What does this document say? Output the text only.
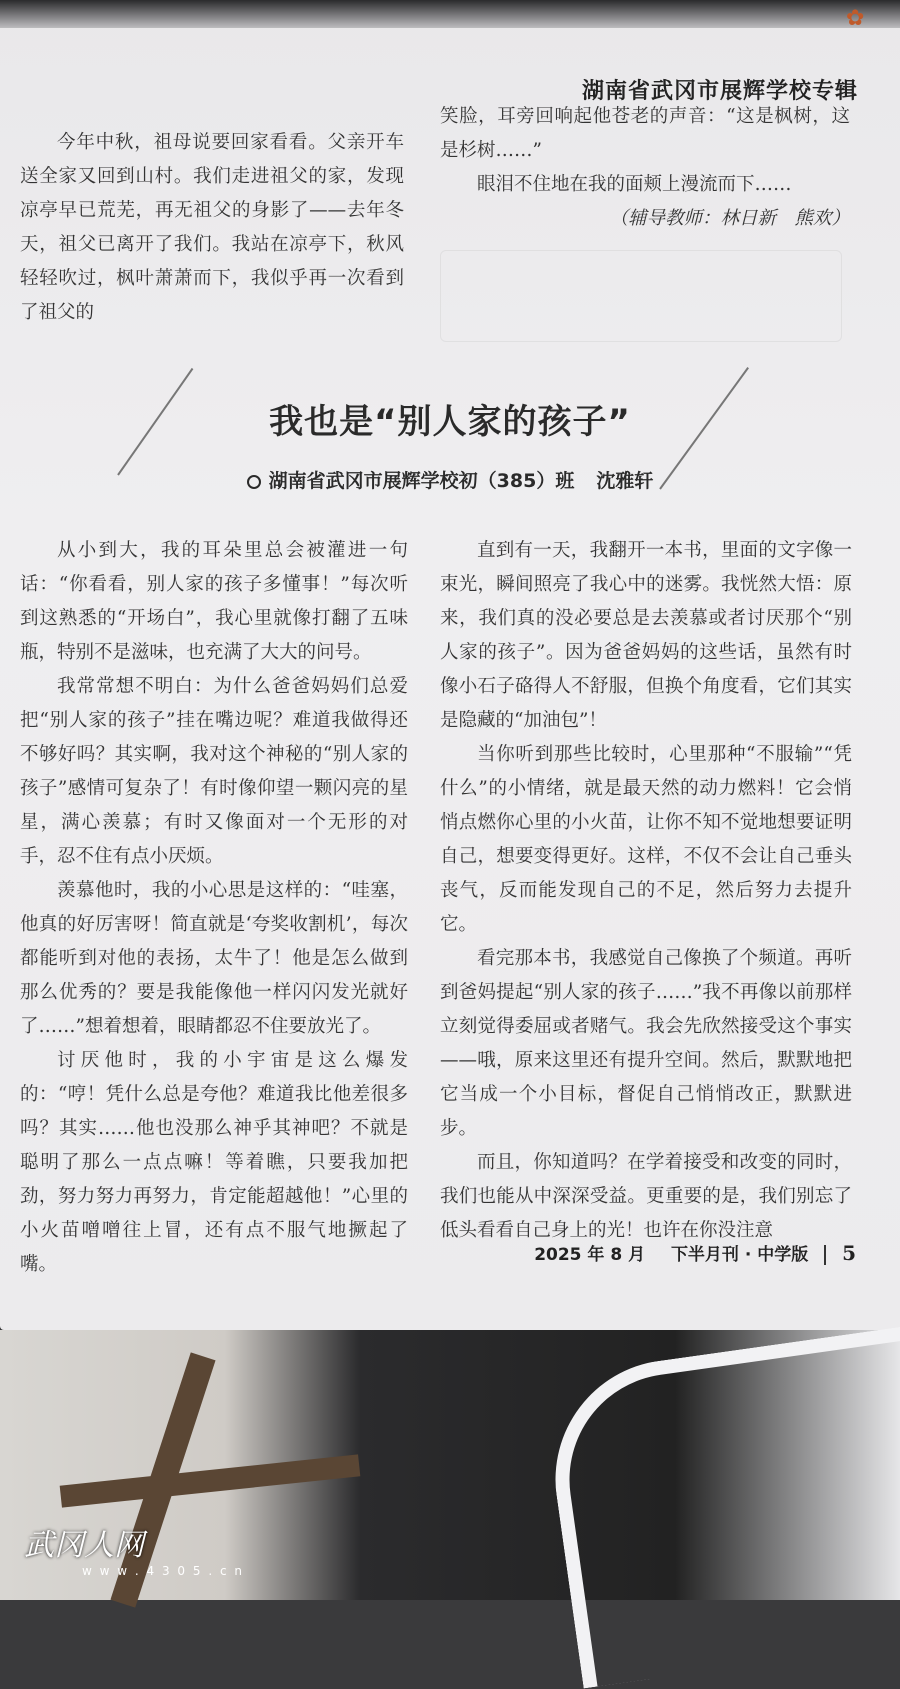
✿
湖南省武冈市展辉学校专辑

今年中秋，祖母说要回家看看。父亲开车送全家又回到山村。我们走进祖父的家，发现凉亭早已荒芜，再无祖父的身影了——去年冬天，祖父已离开了我们。我站在凉亭下，秋风轻轻吹过，枫叶萧萧而下，我似乎再一次看到了祖父的

笑脸，耳旁回响起他苍老的声音：“这是枫树，这是杉树……”

眼泪不住地在我的面颊上漫流而下……

（辅导教师：林日新　熊欢）

我也是“别人家的孩子”
湖南省武冈市展辉学校初（385）班 沈雅轩

从小到大，我的耳朵里总会被灌进一句话：“你看看，别人家的孩子多懂事！”每次听到这熟悉的“开场白”，我心里就像打翻了五味瓶，特别不是滋味，也充满了大大的问号。

我常常想不明白：为什么爸爸妈妈们总爱把“别人家的孩子”挂在嘴边呢？难道我做得还不够好吗？其实啊，我对这个神秘的“别人家的孩子”感情可复杂了！有时像仰望一颗闪亮的星星，满心羡慕；有时又像面对一个无形的对手，忍不住有点小厌烦。

羡慕他时，我的小心思是这样的：“哇塞，他真的好厉害呀！简直就是‘夸奖收割机’，每次都能听到对他的表扬，太牛了！他是怎么做到那么优秀的？要是我能像他一样闪闪发光就好了……”想着想着，眼睛都忍不住要放光了。

讨厌他时，我的小宇宙是这么爆发的：“哼！凭什么总是夸他？难道我比他差很多吗？其实……他也没那么神乎其神吧？不就是聪明了那么一点点嘛！等着瞧，只要我加把劲，努力努力再努力，肯定能超越他！”心里的小火苗噌噌往上冒，还有点不服气地撅起了嘴。

直到有一天，我翻开一本书，里面的文字像一束光，瞬间照亮了我心中的迷雾。我恍然大悟：原来，我们真的没必要总是去羡慕或者讨厌那个“别人家的孩子”。因为爸爸妈妈的这些话，虽然有时像小石子硌得人不舒服，但换个角度看，它们其实是隐藏的“加油包”！

当你听到那些比较时，心里那种“不服输”“凭什么”的小情绪，就是最天然的动力燃料！它会悄悄点燃你心里的小火苗，让你不知不觉地想要证明自己，想要变得更好。这样，不仅不会让自己垂头丧气，反而能发现自己的不足，然后努力去提升它。

看完那本书，我感觉自己像换了个频道。再听到爸妈提起“别人家的孩子……”我不再像以前那样立刻觉得委屈或者赌气。我会先欣然接受这个事实——哦，原来这里还有提升空间。然后，默默地把它当成一个小目标，督促自己悄悄改正，默默进步。

而且，你知道吗？在学着接受和改变的同时，我们也能从中深深受益。更重要的是，我们别忘了低头看看自己身上的光！也许在你没注意

2025 年 8 月 下半月刊 · 中学版 5
武冈人网
w w w . 4 3 0 5 . c n
